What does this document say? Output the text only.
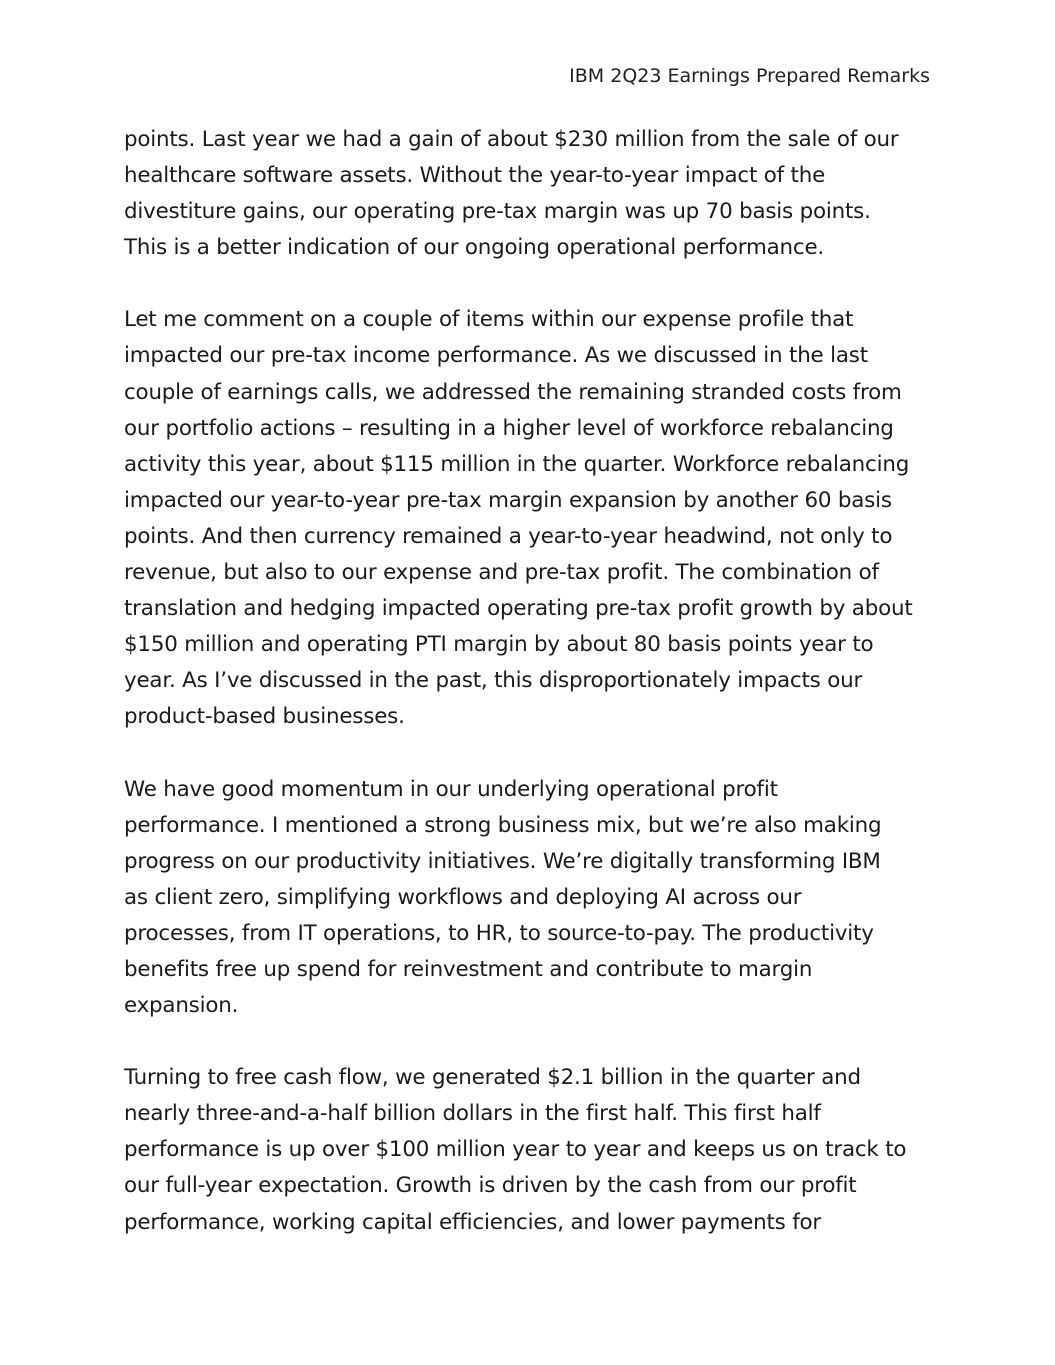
IBM 2Q23 Earnings Prepared Remarks

points. Last year we had a gain of about $230 million from the sale of our
healthcare software assets. Without the year-to-year impact of the
divestiture gains, our operating pre-tax margin was up 70 basis points.
This is a better indication of our ongoing operational performance.

Let me comment on a couple of items within our expense profile that
impacted our pre-tax income performance. As we discussed in the last
couple of earnings calls, we addressed the remaining stranded costs from
our portfolio actions – resulting in a higher level of workforce rebalancing
activity this year, about $115 million in the quarter. Workforce rebalancing
impacted our year-to-year pre-tax margin expansion by another 60 basis
points. And then currency remained a year-to-year headwind, not only to
revenue, but also to our expense and pre-tax profit. The combination of
translation and hedging impacted operating pre-tax profit growth by about
$150 million and operating PTI margin by about 80 basis points year to
year. As I’ve discussed in the past, this disproportionately impacts our
product-based businesses.

We have good momentum in our underlying operational profit
performance. I mentioned a strong business mix, but we’re also making
progress on our productivity initiatives. We’re digitally transforming IBM
as client zero, simplifying workflows and deploying AI across our
processes, from IT operations, to HR, to source-to-pay. The productivity
benefits free up spend for reinvestment and contribute to margin
expansion.

Turning to free cash flow, we generated $2.1 billion in the quarter and
nearly three-and-a-half billion dollars in the first half. This first half
performance is up over $100 million year to year and keeps us on track to
our full-year expectation. Growth is driven by the cash from our profit
performance, working capital efficiencies, and lower payments for
